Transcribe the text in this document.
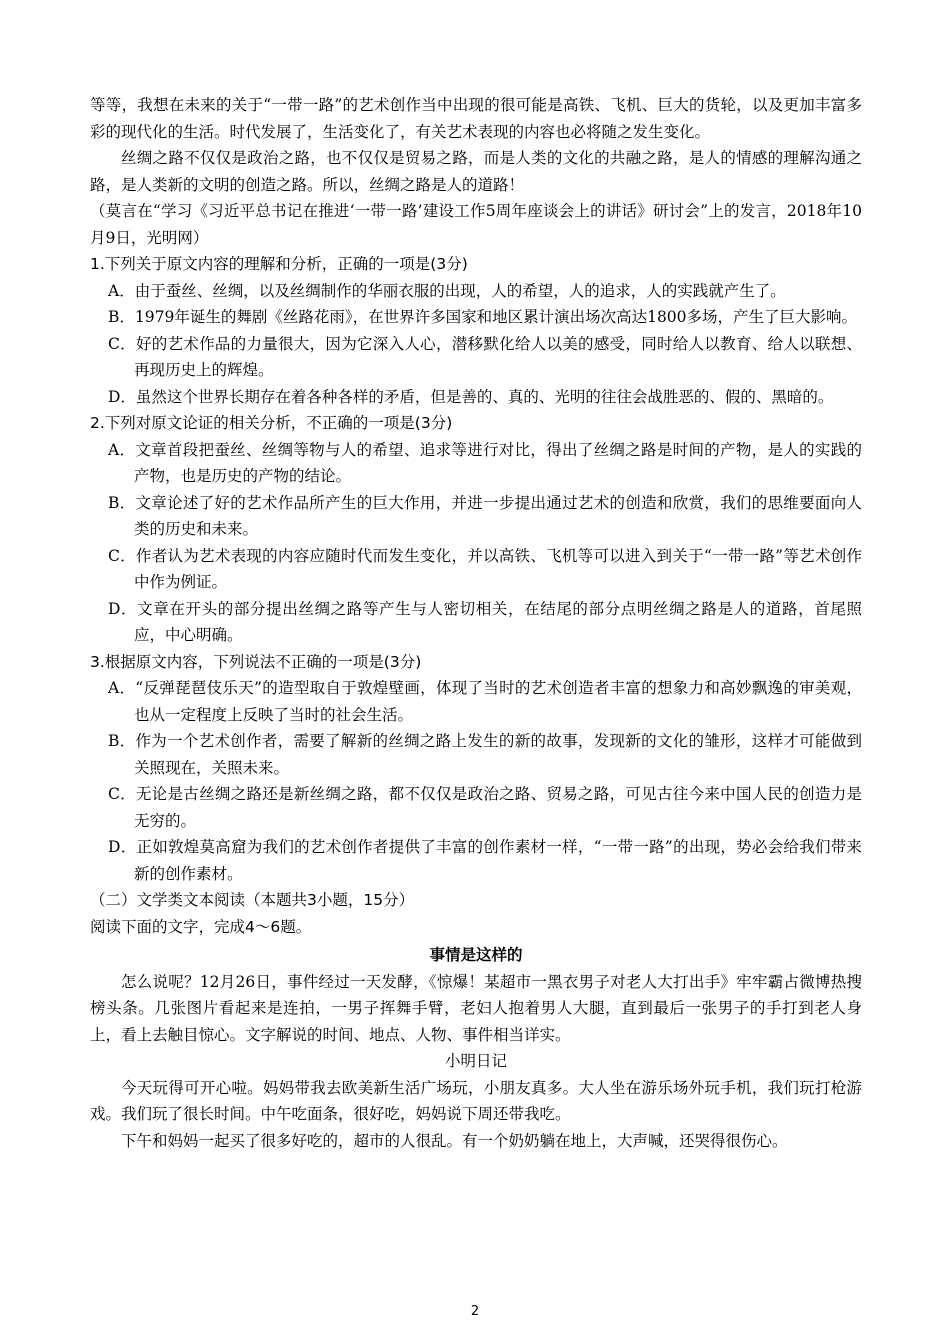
等等，我想在未来的关于“一带一路”的艺术创作当中出现的很可能是高铁、飞机、巨大的货轮，以及更加丰富多彩的现代化的生活。时代发展了，生活变化了，有关艺术表现的内容也必将随之发生变化。

丝绸之路不仅仅是政治之路，也不仅仅是贸易之路，而是人类的文化的共融之路，是人的情感的理解沟通之路，是人类新的文明的创造之路。所以，丝绸之路是人的道路！

（莫言在“学习《习近平总书记在推进‘一带一路’建设工作5周年座谈会上的讲话》研讨会”上的发言，2018年10月9日，光明网）

1.下列关于原文内容的理解和分析，正确的一项是(3分)

A．由于蚕丝、丝绸，以及丝绸制作的华丽衣服的出现，人的希望，人的追求，人的实践就产生了。

B．1979年诞生的舞剧《丝路花雨》，在世界许多国家和地区累计演出场次高达1800多场，产生了巨大影响。

C．好的艺术作品的力量很大，因为它深入人心，潜移默化给人以美的感受，同时给人以教育、给人以联想、再现历史上的辉煌。

D．虽然这个世界长期存在着各种各样的矛盾，但是善的、真的、光明的往往会战胜恶的、假的、黑暗的。

2.下列对原文论证的相关分析，不正确的一项是(3分)

A．文章首段把蚕丝、丝绸等物与人的希望、追求等进行对比，得出了丝绸之路是时间的产物，是人的实践的产物，也是历史的产物的结论。

B．文章论述了好的艺术作品所产生的巨大作用，并进一步提出通过艺术的创造和欣赏，我们的思维要面向人类的历史和未来。

C．作者认为艺术表现的内容应随时代而发生变化，并以高铁、飞机等可以进入到关于“一带一路”等艺术创作中作为例证。

D．文章在开头的部分提出丝绸之路等产生与人密切相关，在结尾的部分点明丝绸之路是人的道路，首尾照应，中心明确。

3.根据原文内容，下列说法不正确的一项是(3分)

A．“反弹琵琶伎乐天”的造型取自于敦煌壁画，体现了当时的艺术创造者丰富的想象力和高妙飘逸的审美观，也从一定程度上反映了当时的社会生活。

B．作为一个艺术创作者，需要了解新的丝绸之路上发生的新的故事，发现新的文化的雏形，这样才可能做到关照现在，关照未来。

C．无论是古丝绸之路还是新丝绸之路，都不仅仅是政治之路、贸易之路，可见古往今来中国人民的创造力是无穷的。

D．正如敦煌莫高窟为我们的艺术创作者提供了丰富的创作素材一样，“一带一路”的出现，势必会给我们带来新的创作素材。

（二）文学类文本阅读（本题共3小题，15分）

阅读下面的文字，完成4～6题。

事情是这样的

怎么说呢？12月26日，事件经过一天发酵，《惊爆！某超市一黑衣男子对老人大打出手》牢牢霸占微博热搜榜头条。几张图片看起来是连拍，一男子挥舞手臂，老妇人抱着男人大腿，直到最后一张男子的手打到老人身上，看上去触目惊心。文字解说的时间、地点、人物、事件相当详实。

小明日记

今天玩得可开心啦。妈妈带我去欧美新生活广场玩，小朋友真多。大人坐在游乐场外玩手机，我们玩打枪游戏。我们玩了很长时间。中午吃面条，很好吃，妈妈说下周还带我吃。

下午和妈妈一起买了很多好吃的，超市的人很乱。有一个奶奶躺在地上，大声喊，还哭得很伤心。

2
